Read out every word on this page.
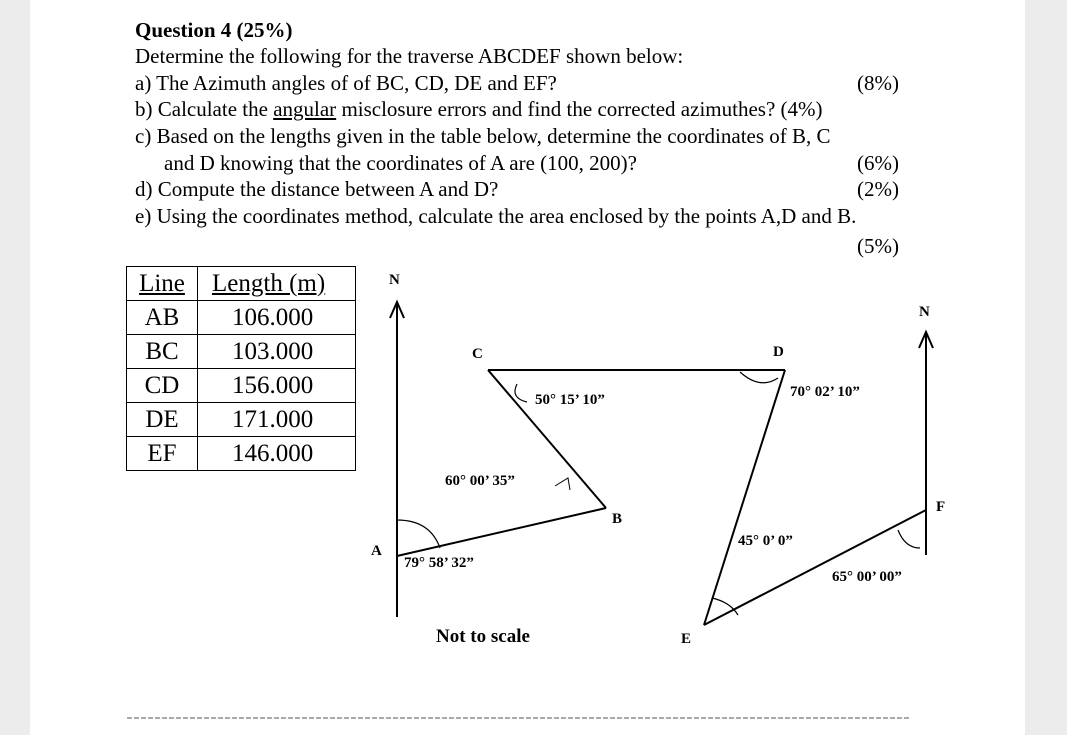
Question 4 (25%)
Determine the following for the traverse ABCDEF shown below:
a) The Azimuth angles of of BC, CD, DE and EF?	(8%)
b) Calculate the angular misclosure errors and find the corrected azimuthes? (4%)
c) Based on the lengths given in the table below, determine the coordinates of B, C
and D knowing that the coordinates of A are (100, 200)?	(6%)
d) Compute the distance between A and D?	(2%)
e) Using the coordinates method, calculate the area enclosed by the points A,D and B.
(5%)
Line	Length (m)
AB	106.000
BC	103.000
CD	156.000
DE	171.000
EF	146.000
N
N
A
B
C	D
E
F
79° 58’ 32”
60° 00’ 35”
50° 15’ 10”	70° 02’ 10”
45° 0’ 0”
65° 00’ 00”
Not to scale
